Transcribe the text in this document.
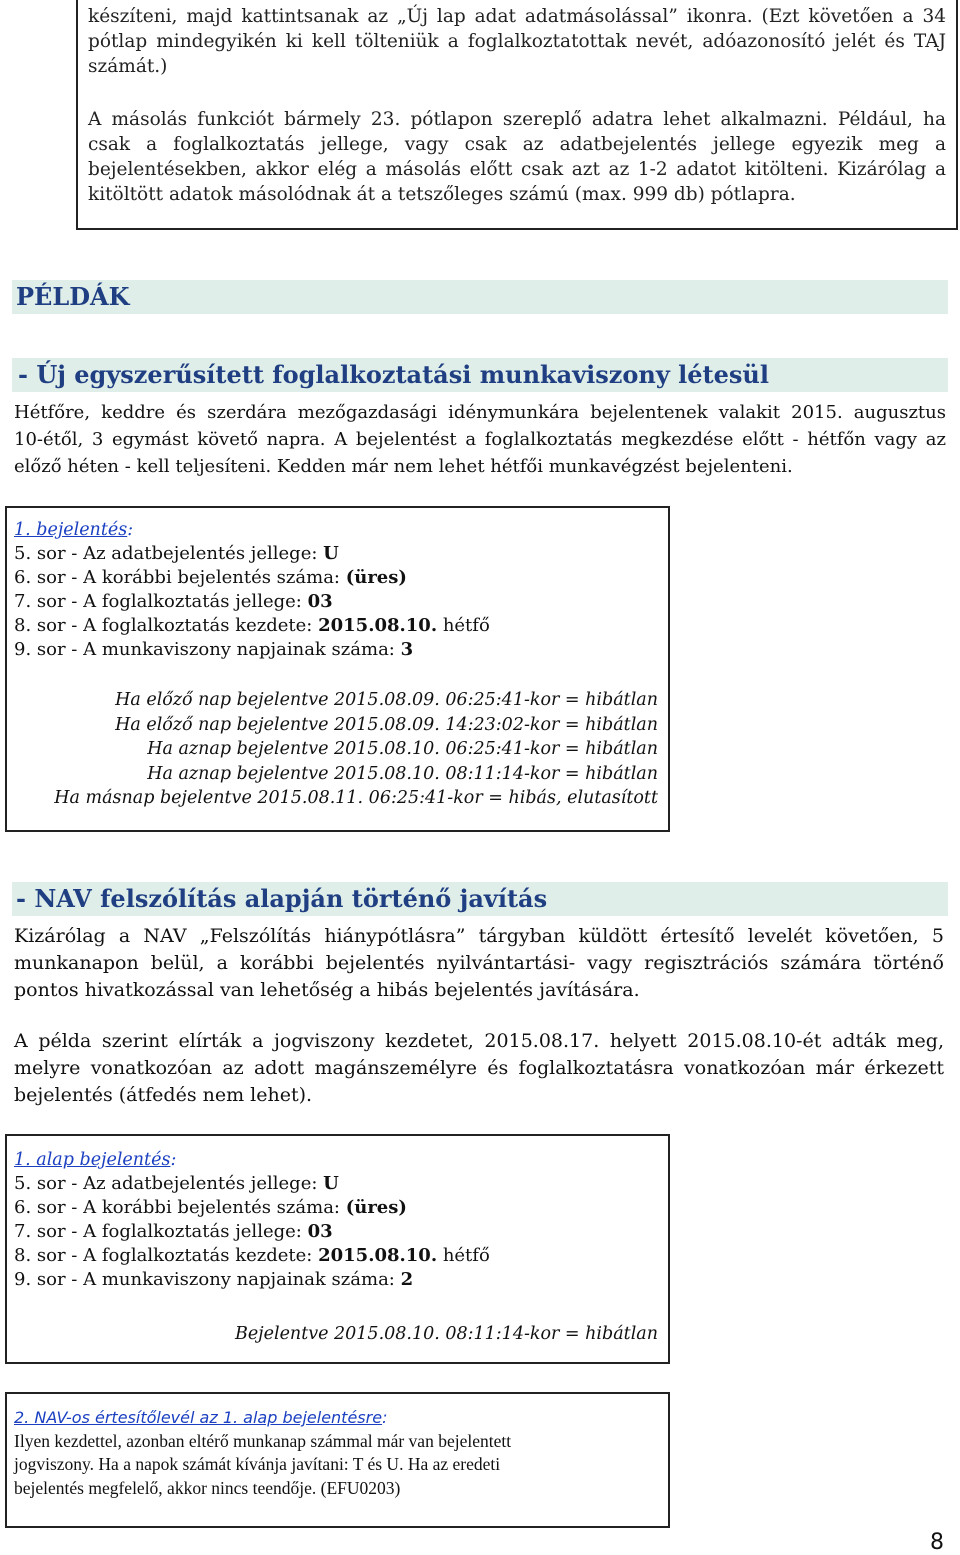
készíteni, majd kattintsanak az „Új lap adat adatmásolással” ikonra. (Ezt követően a 34
pótlap mindegyikén ki kell tölteniük a foglalkoztatottak nevét, adóazonosító jelét és TAJ
számát.)
A másolás funkciót bármely 23. pótlapon szereplő adatra lehet alkalmazni. Például, ha
csak a foglalkoztatás jellege, vagy csak az adatbejelentés jellege egyezik meg a
bejelentésekben, akkor elég a másolás előtt csak azt az 1-2 adatot kitölteni. Kizárólag a
kitöltött adatok másolódnak át a tetszőleges számú (max. 999 db) pótlapra.
PÉLDÁK
- Új egyszerűsített foglalkoztatási munkaviszony létesül
Hétfőre, keddre és szerdára mezőgazdasági idénymunkára bejelentenek valakit 2015. augusztus
10-étől, 3 egymást követő napra. A bejelentést a foglalkoztatás megkezdése előtt - hétfőn vagy az
előző héten - kell teljesíteni. Kedden már nem lehet hétfői munkavégzést bejelenteni.
1. bejelentés:
5. sor - Az adatbejelentés jellege: U
6. sor - A korábbi bejelentés száma: (üres)
7. sor - A foglalkoztatás jellege: 03
8. sor - A foglalkoztatás kezdete: 2015.08.10. hétfő
9. sor - A munkaviszony napjainak száma: 3
Ha előző nap bejelentve 2015.08.09. 06:25:41-kor = hibátlan
Ha előző nap bejelentve 2015.08.09. 14:23:02-kor = hibátlan
Ha aznap bejelentve 2015.08.10. 06:25:41-kor = hibátlan
Ha aznap bejelentve 2015.08.10. 08:11:14-kor = hibátlan
Ha másnap bejelentve 2015.08.11. 06:25:41-kor = hibás, elutasított
- NAV felszólítás alapján történő javítás
Kizárólag a NAV „Felszólítás hiánypótlásra” tárgyban küldött értesítő levelét követően, 5
munkanapon belül, a korábbi bejelentés nyilvántartási- vagy regisztrációs számára történő
pontos hivatkozással van lehetőség a hibás bejelentés javítására.
A példa szerint elírták a jogviszony kezdetet, 2015.08.17. helyett 2015.08.10-ét adták meg,
melyre vonatkozóan az adott magánszemélyre és foglalkoztatásra vonatkozóan már érkezett
bejelentés (átfedés nem lehet).
1. alap bejelentés:
5. sor - Az adatbejelentés jellege: U
6. sor - A korábbi bejelentés száma: (üres)
7. sor - A foglalkoztatás jellege: 03
8. sor - A foglalkoztatás kezdete: 2015.08.10. hétfő
9. sor - A munkaviszony napjainak száma: 2
Bejelentve 2015.08.10. 08:11:14-kor = hibátlan
2. NAV-os értesítőlevél az 1. alap bejelentésre:
Ilyen kezdettel, azonban eltérő munkanap számmal már van bejelentett
jogviszony. Ha a napok számát kívánja javítani: T és U. Ha az eredeti
bejelentés megfelelő, akkor nincs teendője. (EFU0203)
8
